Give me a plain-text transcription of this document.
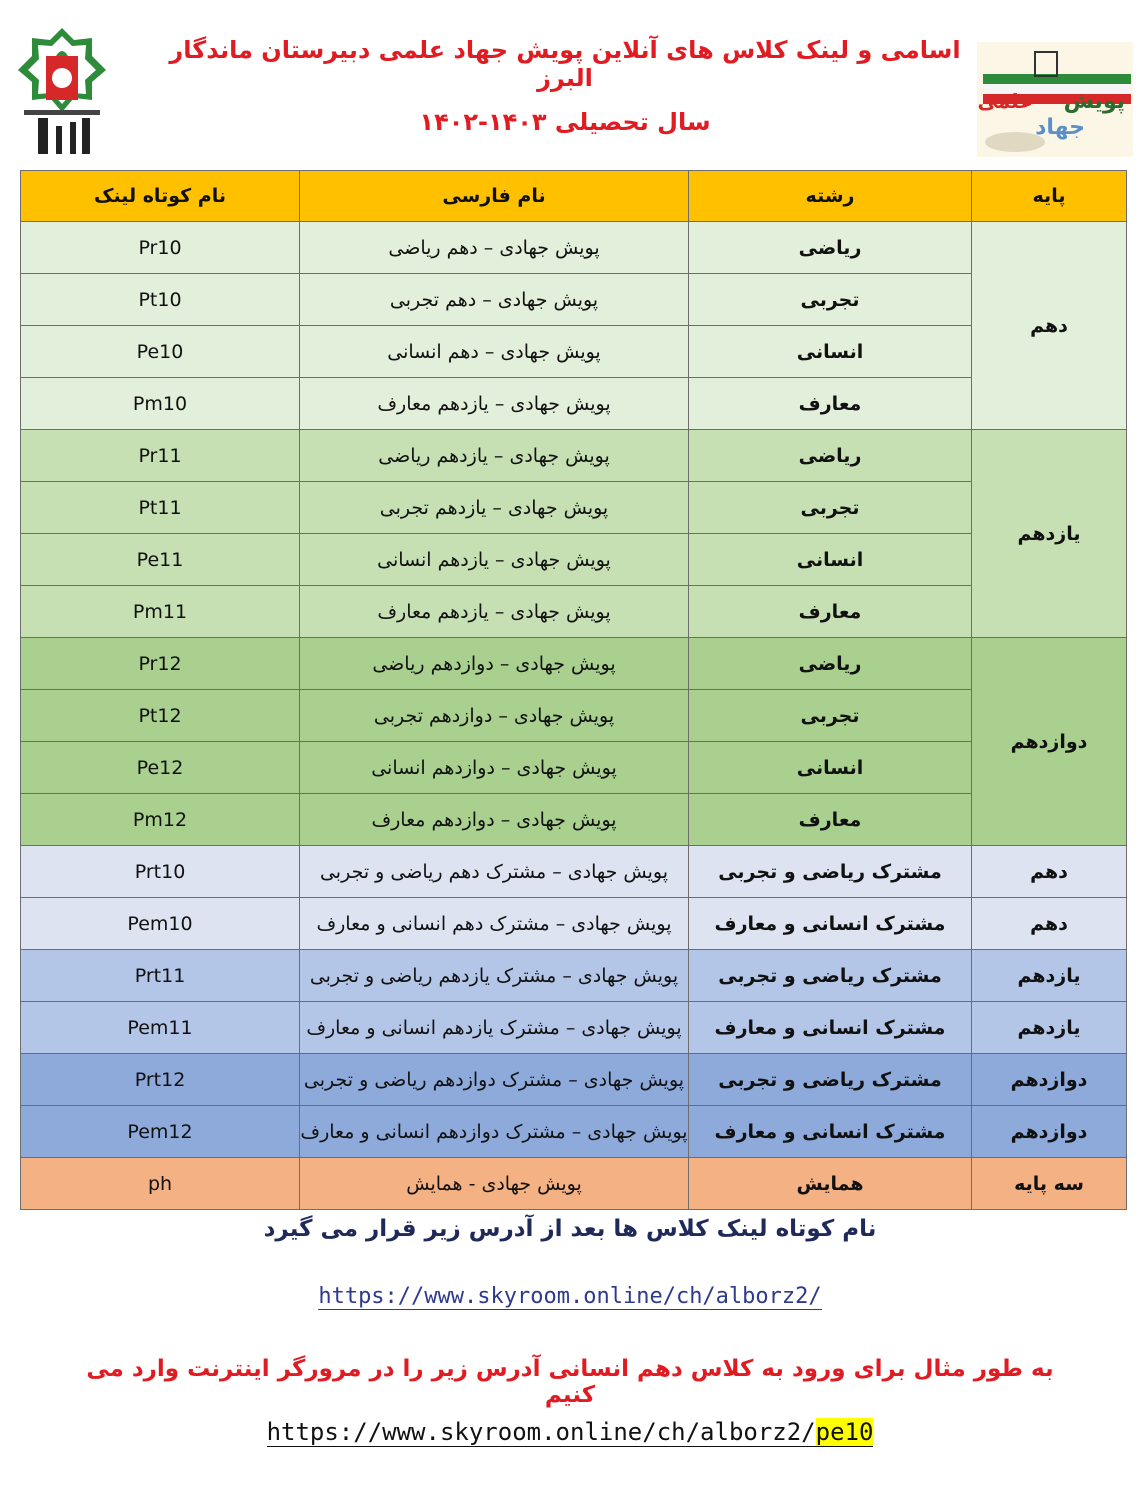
اسامی و لینک کلاس های آنلاین پویش جهاد علمی دبیرستان ماندگار البرز
سال تحصیلی ۱۴۰۳-۱۴۰۲
پویش
علمی
جهاد
پایه	رشته	نام فارسی	نام کوتاه لینک
دهم	ریاضی	پویش جهادی – دهم ریاضی	Pr10
	تجربی	پویش جهادی – دهم تجربی	Pt10
	انسانی	پویش جهادی – دهم انسانی	Pe10
	معارف	پویش جهادی – یازدهم معارف	Pm10
یازدهم	ریاضی	پویش جهادی – یازدهم ریاضی	Pr11
	تجربی	پویش جهادی – یازدهم تجربی	Pt11
	انسانی	پویش جهادی – یازدهم انسانی	Pe11
	معارف	پویش جهادی – یازدهم معارف	Pm11
دوازدهم	ریاضی	پویش جهادی – دوازدهم ریاضی	Pr12
	تجربی	پویش جهادی – دوازدهم تجربی	Pt12
	انسانی	پویش جهادی – دوازدهم انسانی	Pe12
	معارف	پویش جهادی – دوازدهم معارف	Pm12
دهم	مشترک ریاضی و تجربی	پویش جهادی – مشترک دهم ریاضی و تجربی	Prt10
دهم	مشترک انسانی و معارف	پویش جهادی – مشترک دهم انسانی و معارف	Pem10
یازدهم	مشترک ریاضی و تجربی	پویش جهادی – مشترک یازدهم ریاضی و تجربی	Prt11
یازدهم	مشترک انسانی و معارف	پویش جهادی – مشترک یازدهم انسانی و معارف	Pem11
دوازدهم	مشترک ریاضی و تجربی	پویش جهادی – مشترک دوازدهم ریاضی و تجربی	Prt12
دوازدهم	مشترک انسانی و معارف	پویش جهادی – مشترک دوازدهم انسانی و معارف	Pem12
سه پایه	همایش	پویش جهادی - همایش	ph
نام کوتاه لینک کلاس ها بعد از آدرس زیر قرار می گیرد
https://www.skyroom.online/ch/alborz2/
به طور مثال برای ورود به کلاس دهم انسانی آدرس زیر را در مرورگر اینترنت وارد می کنیم
https://www.skyroom.online/ch/alborz2/pe10
